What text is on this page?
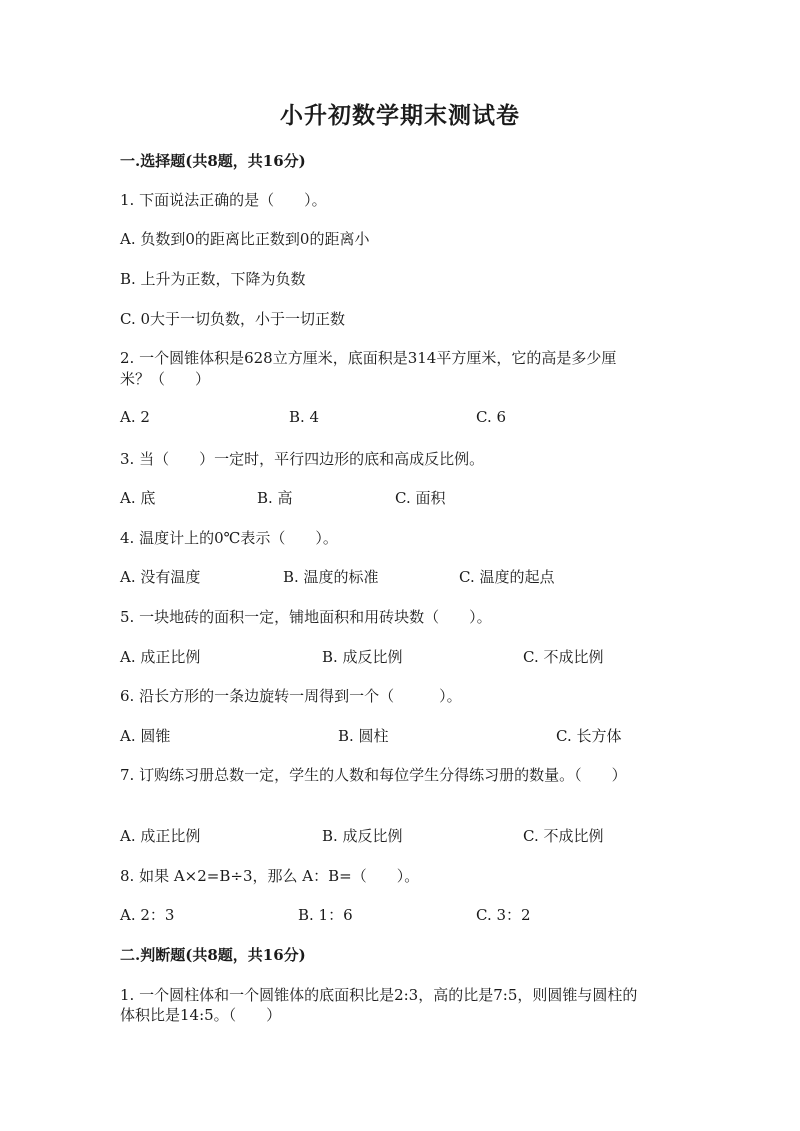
小升初数学期末测试卷
一.选择题(共8题，共16分)
1. 下面说法正确的是（　　）。
A. 负数到0的距离比正数到0的距离小
B. 上升为正数，下降为负数
C. 0大于一切负数，小于一切正数
2. 一个圆锥体积是628立方厘米，底面积是314平方厘米，它的高是多少厘
米？（　　）
A. 2	B. 4	C. 6
3. 当（　　）一定时，平行四边形的底和高成反比例。
A. 底	B. 高	C. 面积
4. 温度计上的0℃表示（　　）。
A. 没有温度	B. 温度的标准	C. 温度的起点
5. 一块地砖的面积一定，铺地面积和用砖块数（　　）。
A. 成正比例	B. 成反比例	C. 不成比例
6. 沿长方形的一条边旋转一周得到一个（　　　）。
A. 圆锥	B. 圆柱	C. 长方体
7. 订购练习册总数一定，学生的人数和每位学生分得练习册的数量。（　　）
A. 成正比例	B. 成反比例	C. 不成比例
8. 如果 A×2=B÷3，那么 A：B=（　　）。
A. 2：3	B. 1：6	C. 3：2
二.判断题(共8题，共16分)
1. 一个圆柱体和一个圆锥体的底面积比是2:3，高的比是7:5，则圆锥与圆柱的
体积比是14:5。（　　）
